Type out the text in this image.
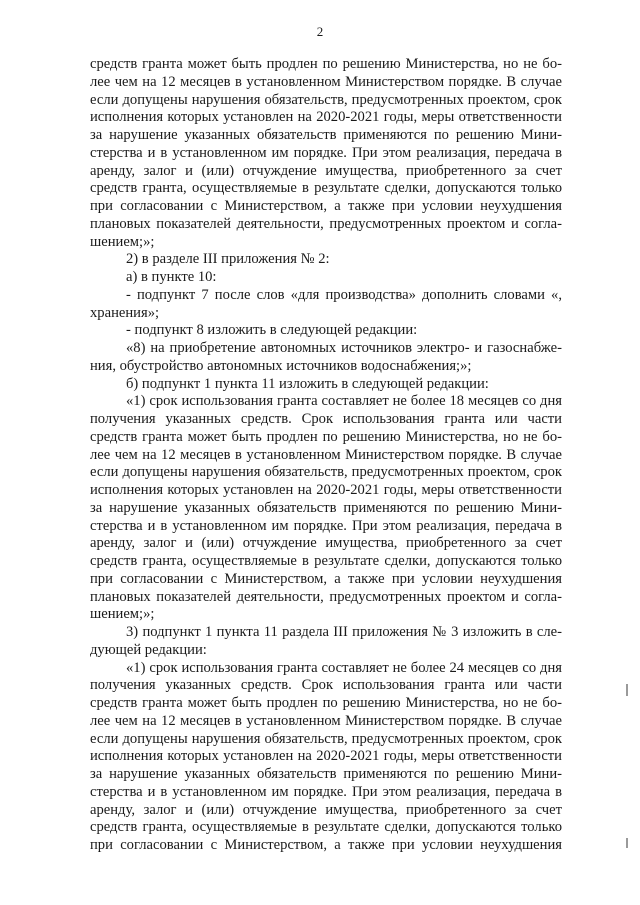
2

средств гранта может быть продлен по решению Министерства, но не бо-

лее чем на 12 месяцев в установленном Министерством порядке. В случае

если допущены нарушения обязательств, предусмотренных проектом, срок

исполнения которых установлен на 2020-2021 годы, меры ответственности

за нарушение указанных обязательств применяются по решению Мини-

стерства и в установленном им порядке. При этом реализация, передача в

аренду, залог и (или) отчуждение имущества, приобретенного за счет

средств гранта, осуществляемые в результате сделки, допускаются только

при согласовании с Министерством, а также при условии неухудшения

плановых показателей деятельности, предусмотренных проектом и согла-

шением;»;

2) в разделе III приложения № 2:

а) в пункте 10:

- подпункт 7 после слов «для производства» дополнить словами «,

хранения»;

- подпункт 8 изложить в следующей редакции:

«8) на приобретение автономных источников электро- и газоснабже-

ния, обустройство автономных источников водоснабжения;»;

б) подпункт 1 пункта 11 изложить в следующей редакции:

«1) срок использования гранта составляет не более 18 месяцев со дня

получения указанных средств. Срок использования гранта или части

средств гранта может быть продлен по решению Министерства, но не бо-

лее чем на 12 месяцев в установленном Министерством порядке. В случае

если допущены нарушения обязательств, предусмотренных проектом, срок

исполнения которых установлен на 2020-2021 годы, меры ответственности

за нарушение указанных обязательств применяются по решению Мини-

стерства и в установленном им порядке. При этом реализация, передача в

аренду, залог и (или) отчуждение имущества, приобретенного за счет

средств гранта, осуществляемые в результате сделки, допускаются только

при согласовании с Министерством, а также при условии неухудшения

плановых показателей деятельности, предусмотренных проектом и согла-

шением;»;

3) подпункт 1 пункта 11 раздела III приложения № 3 изложить в сле-

дующей редакции:

«1) срок использования гранта составляет не более 24 месяцев со дня

получения указанных средств. Срок использования гранта или части

средств гранта может быть продлен по решению Министерства, но не бо-

лее чем на 12 месяцев в установленном Министерством порядке. В случае

если допущены нарушения обязательств, предусмотренных проектом, срок

исполнения которых установлен на 2020-2021 годы, меры ответственности

за нарушение указанных обязательств применяются по решению Мини-

стерства и в установленном им порядке. При этом реализация, передача в

аренду, залог и (или) отчуждение имущества, приобретенного за счет

средств гранта, осуществляемые в результате сделки, допускаются только

при согласовании с Министерством, а также при условии неухудшения
